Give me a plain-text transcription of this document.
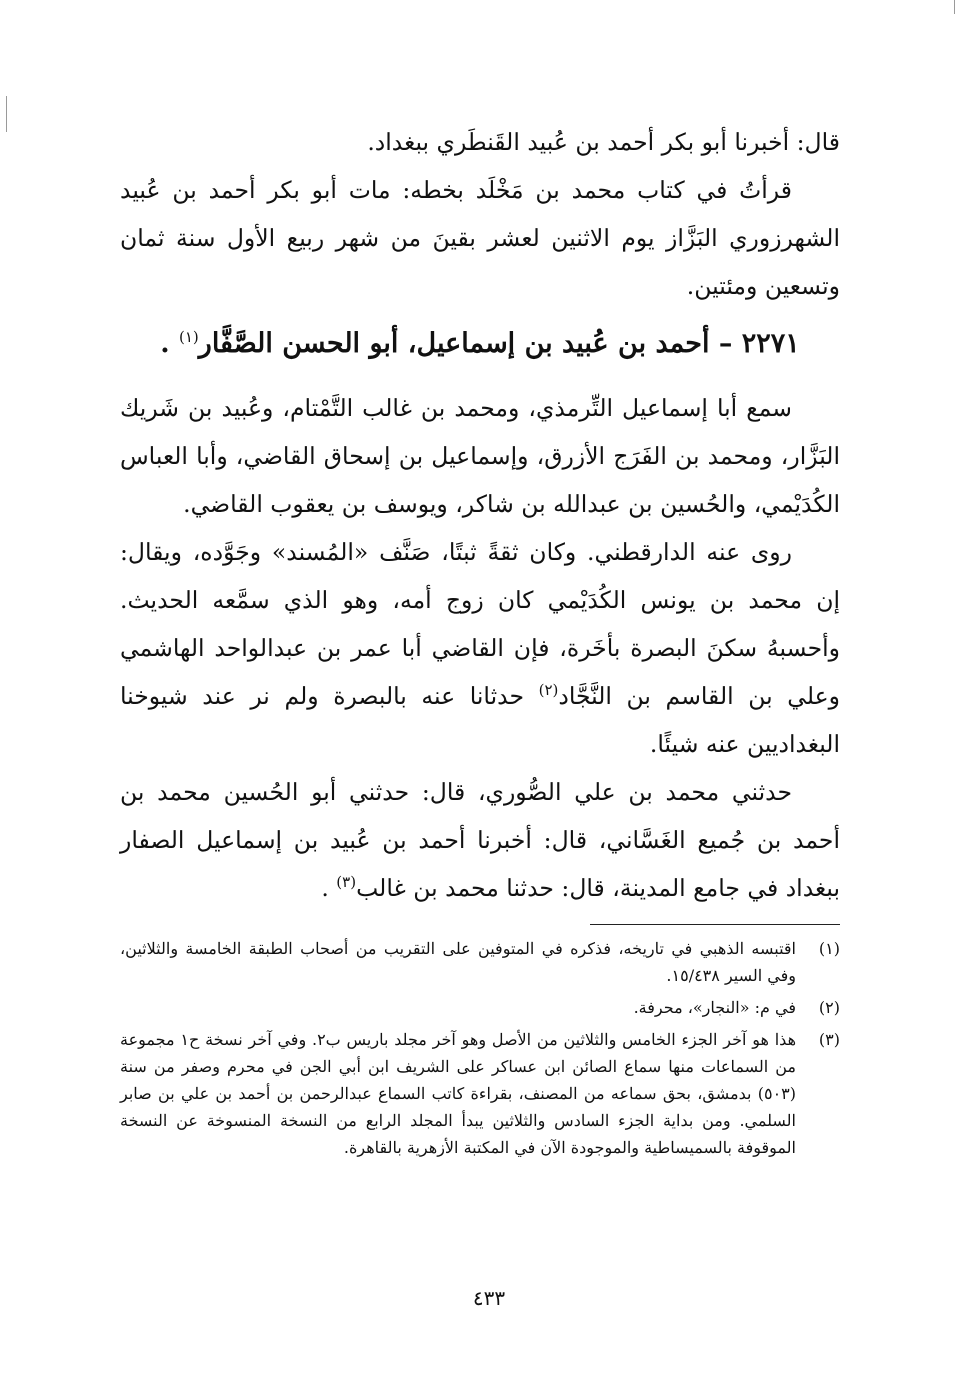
قال: أخبرنا أبو بكر أحمد بن عُبيد القَنطَري ببغداد.

قرأتُ في كتاب محمد بن مَخْلَد بخطه: مات أبو بكر أحمد بن عُبيد الشهرزوري البَزَّاز يوم الاثنين لعشر بقينَ من شهر ربيع الأول سنة ثمان وتسعين ومئتين.

٢٢٧١ – أحمد بن عُبيد بن إسماعيل، أبو الحسن الصَّفَّار$^{(١)}$ .

سمع أبا إسماعيل التِّرمذي، ومحمد بن غالب التَّمْتام، وعُبيد بن شَريك البَزَّار، ومحمد بن الفَرَج الأزرق، وإسماعيل بن إسحاق القاضي، وأبا العباس الكُدَيْمي، والحُسين بن عبدالله بن شاكر، ويوسف بن يعقوب القاضي.

روى عنه الدارقطني. وكان ثقةً ثبتًا، صَنَّف «المُسند» وجَوَّده، ويقال: إن محمد بن يونس الكُدَيْمي كان زوج أمه، وهو الذي سمَّعه الحديث. وأحسبهُ سكنَ البصرة بأخَرة، فإن القاضي أبا عمر بن عبدالواحد الهاشمي وعلي بن القاسم بن النَّجَّاد$^{(٢)}$ حدثانا عنه بالبصرة ولم نر عند شيوخنا البغداديين عنه شيئًا.

حدثني محمد بن علي الصُّوري، قال: حدثني أبو الحُسين محمد بن أحمد بن جُميع الغَسَّاني، قال: أخبرنا أحمد بن عُبيد بن إسماعيل الصفار ببغداد في جامع المدينة، قال: حدثنا محمد بن غالب$^{(٣)}$ .

(١)
اقتبسه الذهبي في تاريخه، فذكره في المتوفين على التقريب من أصحاب الطبقة الخامسة والثلاثين، وفي السير ١٥/٤٣٨.
(٢)
في م: «النجار»، محرفة.
(٣)
هذا هو آخر الجزء الخامس والثلاثين من الأصل وهو آخر مجلد باريس ب٢. وفي آخر نسخة ح١ مجموعة من السماعات منها سماع الصائن ابن عساكر على الشريف ابن أبي الجن في محرم وصفر من سنة (٥٠٣) بدمشق، بحق سماعه من المصنف، بقراءة كاتب السماع عبدالرحمن بن أحمد بن علي بن صابر السلمي. ومن بداية الجزء السادس والثلاثين يبدأ المجلد الرابع من النسخة المنسوخة عن النسخة الموقوفة بالسميساطية والموجودة الآن في المكتبة الأزهرية بالقاهرة.
٤٣٣
